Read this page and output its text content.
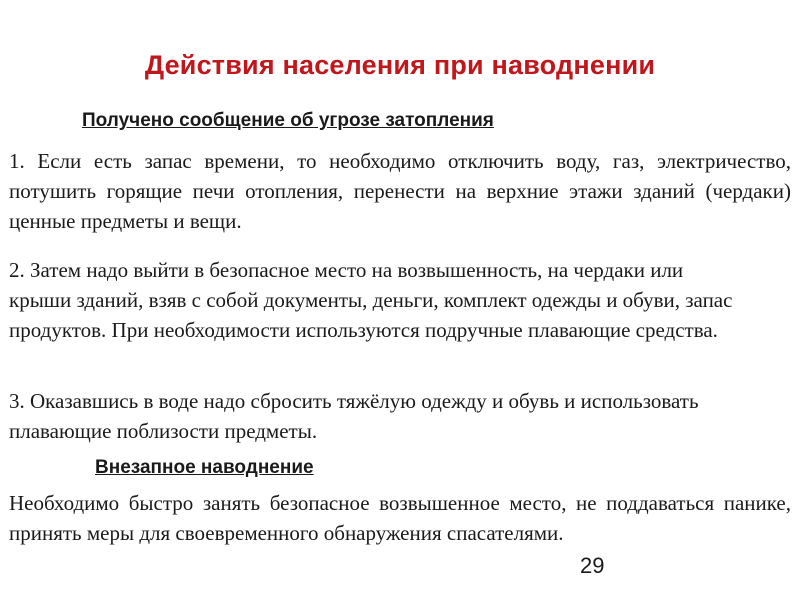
Действия населения при наводнении
Получено сообщение об угрозе затопления

1. Если есть запас времени, то необходимо отключить воду, газ, электричество, потушить горящие печи отопления, перенести на верхние этажи зданий (чердаки) ценные предметы и вещи.

2. Затем надо выйти в безопасное место на возвышенность, на чердаки или крыши зданий, взяв с собой документы, деньги, комплект одежды и обуви, запас продуктов. При необходимости используются подручные плавающие средства.

3. Оказавшись в воде надо сбросить тяжёлую одежду и обувь и использовать плавающие поблизости предметы.

Внезапное наводнение

Необходимо быстро занять безопасное возвышенное место, не поддаваться панике, принять меры для своевременного обнаружения спасателями.

29
